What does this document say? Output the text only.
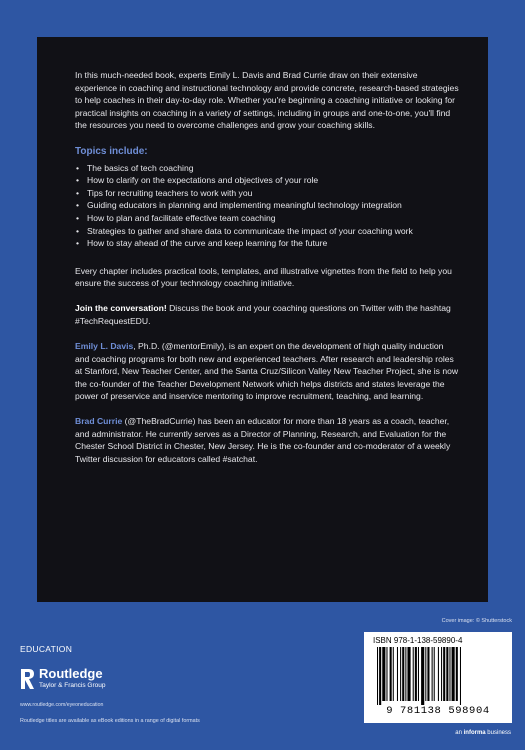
In this much-needed book, experts Emily L. Davis and Brad Currie draw on their extensive experience in coaching and instructional technology and provide concrete, research-based strategies to help coaches in their day-to-day role. Whether you're beginning a coaching initiative or looking for practical insights on coaching in a variety of settings, including in groups and one-to-one, you'll find the resources you need to overcome challenges and grow your coaching skills.

Topics include:
• The basics of tech coaching
• How to clarify on the expectations and objectives of your role
• Tips for recruiting teachers to work with you
• Guiding educators in planning and implementing meaningful technology integration
• How to plan and facilitate effective team coaching
• Strategies to gather and share data to communicate the impact of your coaching work
• How to stay ahead of the curve and keep learning for the future

Every chapter includes practical tools, templates, and illustrative vignettes from the field to help you ensure the success of your technology coaching initiative.

Join the conversation! Discuss the book and your coaching questions on Twitter with the hashtag #TechRequestEDU.

Emily L. Davis, Ph.D. (@mentorEmily), is an expert on the development of high quality induction and coaching programs for both new and experienced teachers. After research and leadership roles at Stanford, New Teacher Center, and the Santa Cruz/Silicon Valley New Teacher Project, she is now the co-founder of the Teacher Development Network which helps districts and states leverage the power of preservice and inservice mentoring to improve recruitment, teaching, and learning.

Brad Currie (@TheBradCurrie) has been an educator for more than 18 years as a coach, teacher, and administrator. He currently serves as a Director of Planning, Research, and Evaluation for the Chester School District in Chester, New Jersey. He is the co-founder and co-moderator of a weekly Twitter discussion for educators called #satchat.

EDUCATION
Routledge
Taylor & Francis Group
www.routledge.com/eyeoneducation
Routledge titles are available as eBook editions in a range of digital formats
Cover image: © Shutterstock
ISBN 978-1-138-59890-4
9 781138 598904
an informa business
